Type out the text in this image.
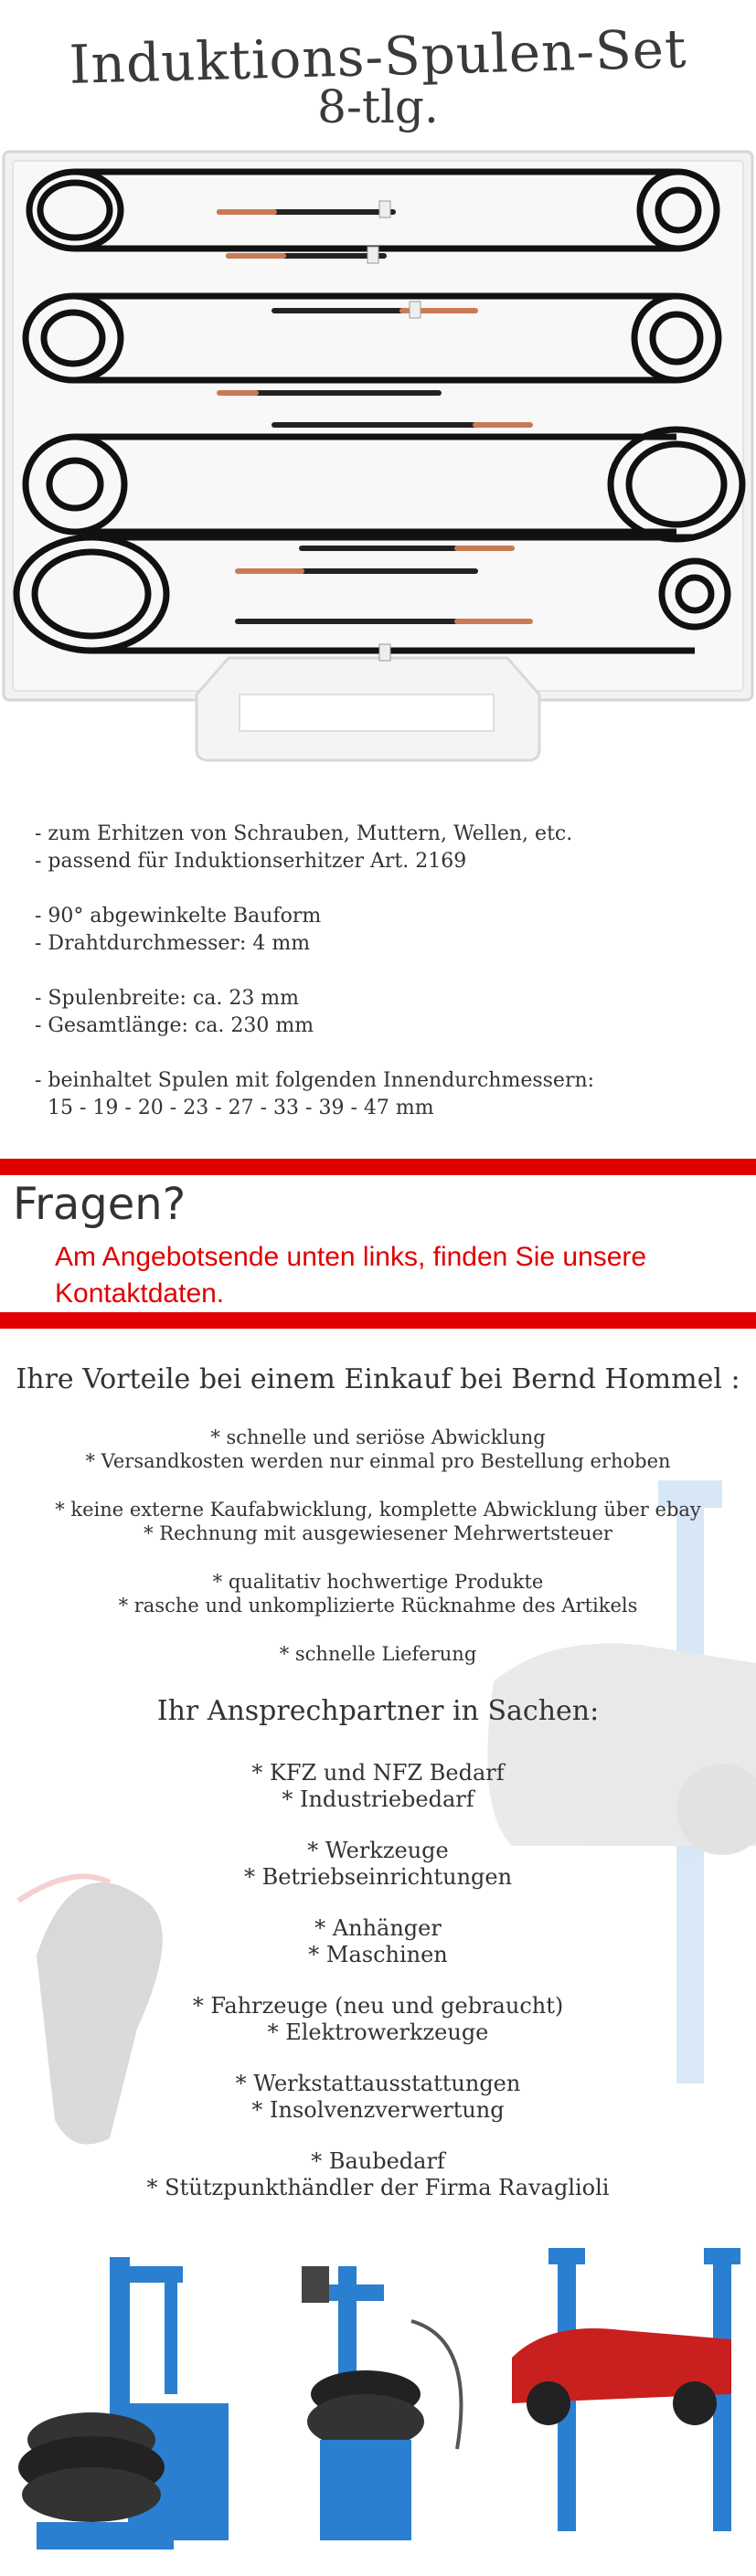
Induktions-Spulen-Set
8-tlg.
- zum Erhitzen von Schrauben, Muttern, Wellen, etc.
- passend für Induktionserhitzer Art. 2169
- 90° abgewinkelte Bauform
- Drahtdurchmesser: 4 mm
- Spulenbreite: ca. 23 mm
- Gesamtlänge: ca. 230 mm
- beinhaltet Spulen mit folgenden Innendurchmessern:
15 - 19 - 20 - 23 - 27 - 33 - 39 - 47 mm
Fragen?
Am Angebotsende unten links, finden Sie unsere Kontaktdaten.
Ihre Vorteile bei einem Einkauf bei Bernd Hommel :
* schnelle und seriöse Abwicklung
* Versandkosten werden nur einmal pro Bestellung erhoben
* keine externe Kaufabwicklung, komplette Abwicklung über ebay
* Rechnung mit ausgewiesener Mehrwertsteuer
* qualitativ hochwertige Produkte
* rasche und unkomplizierte Rücknahme des Artikels
* schnelle Lieferung
Ihr Ansprechpartner in Sachen:
* KFZ und NFZ Bedarf
* Industriebedarf
* Werkzeuge
* Betriebseinrichtungen
* Anhänger
* Maschinen
* Fahrzeuge (neu und gebraucht)
* Elektrowerkzeuge
* Werkstattausstattungen
* Insolvenzverwertung
* Baubedarf
* Stützpunkthändler der Firma Ravaglioli
